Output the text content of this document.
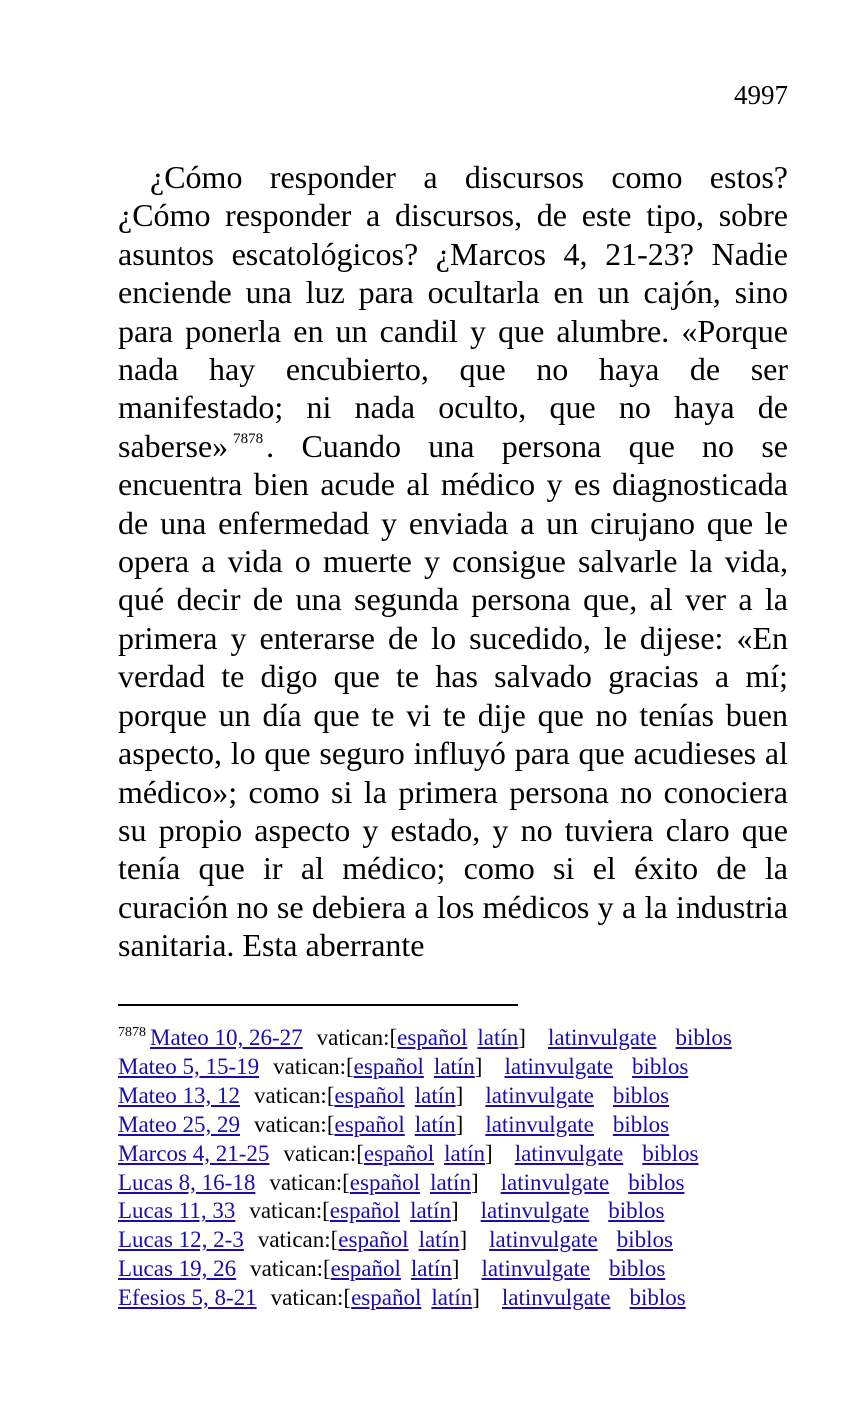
4997

¿Cómo responder a discursos como estos? ¿Cómo responder a discursos, de este tipo, sobre asuntos escatológicos? ¿Marcos 4, 21-23? Nadie enciende una luz para ocultarla en un cajón, sino para ponerla en un candil y que alumbre. «Porque nada hay encubierto, que no haya de ser manifestado; ni nada oculto, que no haya de saberse» $^{7878}$. Cuando una persona que no se encuentra bien acude al médico y es diagnosticada de una enfermedad y enviada a un cirujano que le opera a vida o muerte y consigue salvarle la vida, qué decir de una segunda persona que, al ver a la primera y enterarse de lo sucedido, le dijese: «En verdad te digo que te has salvado gracias a mí; porque un día que te vi te dije que no tenías buen aspecto, lo que seguro influyó para que acudieses al médico»; como si la primera persona no conociera su propio aspecto y estado, y no tuviera claro que tenía que ir al médico; como si el éxito de la curación no se debiera a los médicos y a la industria sanitaria. Esta aberrante

$^{7878}$ Mateo 10, 26-27 vatican:[español latín] latinvulgate biblos
Mateo 5, 15-19 vatican:[español latín] latinvulgate biblos
Mateo 13, 12 vatican:[español latín] latinvulgate biblos
Mateo 25, 29 vatican:[español latín] latinvulgate biblos
Marcos 4, 21-25 vatican:[español latín] latinvulgate biblos
Lucas 8, 16-18 vatican:[español latín] latinvulgate biblos
Lucas 11, 33 vatican:[español latín] latinvulgate biblos
Lucas 12, 2-3 vatican:[español latín] latinvulgate biblos
Lucas 19, 26 vatican:[español latín] latinvulgate biblos
Efesios 5, 8-21 vatican:[español latín] latinvulgate biblos
